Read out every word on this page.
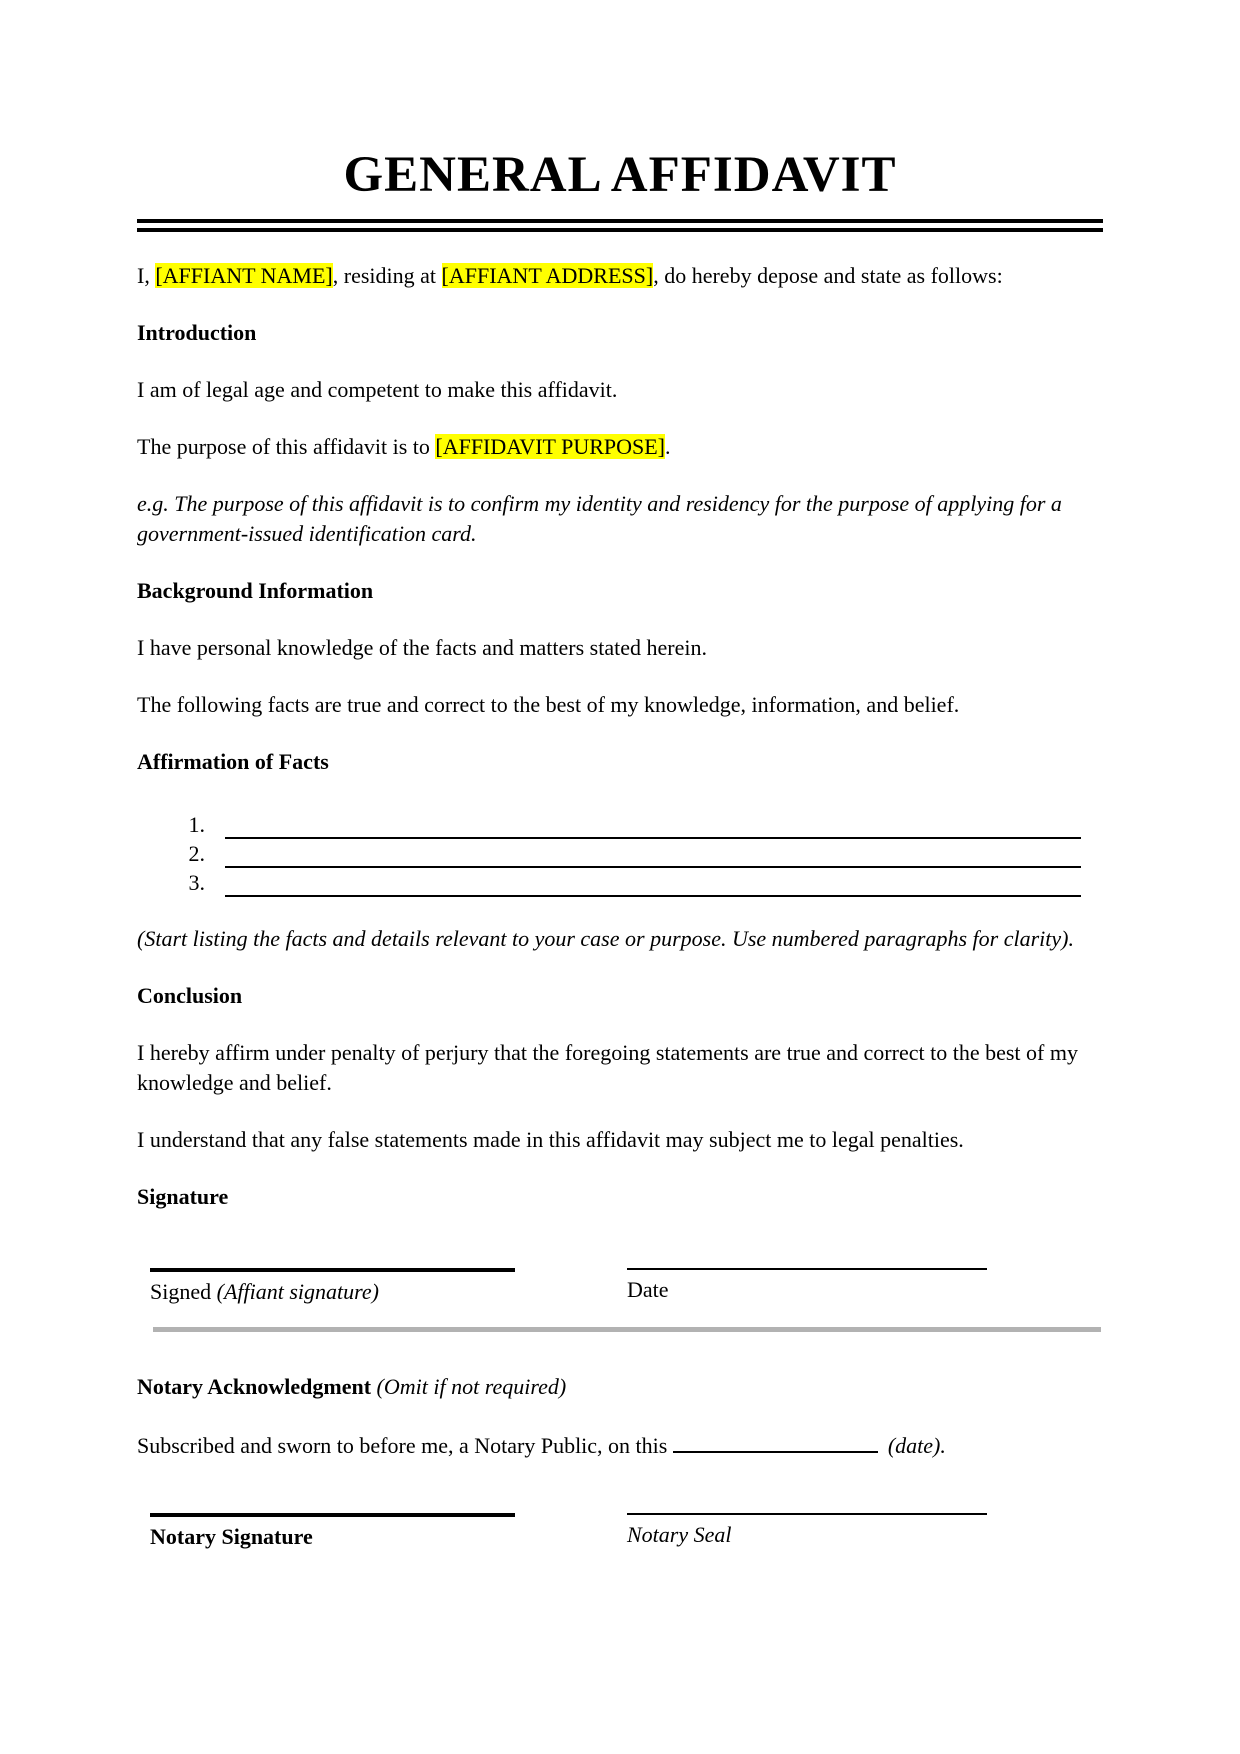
GENERAL AFFIDAVIT

I, [AFFIANT NAME], residing at [AFFIANT ADDRESS], do hereby depose and state as follows:

Introduction

I am of legal age and competent to make this affidavit.

The purpose of this affidavit is to [AFFIDAVIT PURPOSE].

e.g. The purpose of this affidavit is to confirm my identity and residency for the purpose of applying for a government-issued identification card.

Background Information

I have personal knowledge of the facts and matters stated herein.

The following facts are true and correct to the best of my knowledge, information, and belief.

Affirmation of Facts
1.
2.
3.

(Start listing the facts and details relevant to your case or purpose. Use numbered paragraphs for clarity).

Conclusion

I hereby affirm under penalty of perjury that the foregoing statements are true and correct to the best of my knowledge and belief.

I understand that any false statements made in this affidavit may subject me to legal penalties.

Signature
Signed (Affiant signature)	Date
Notary Acknowledgment (Omit if not required)

Subscribed and sworn to before me, a Notary Public, on this	(date).

Notary Signature	Notary Seal
